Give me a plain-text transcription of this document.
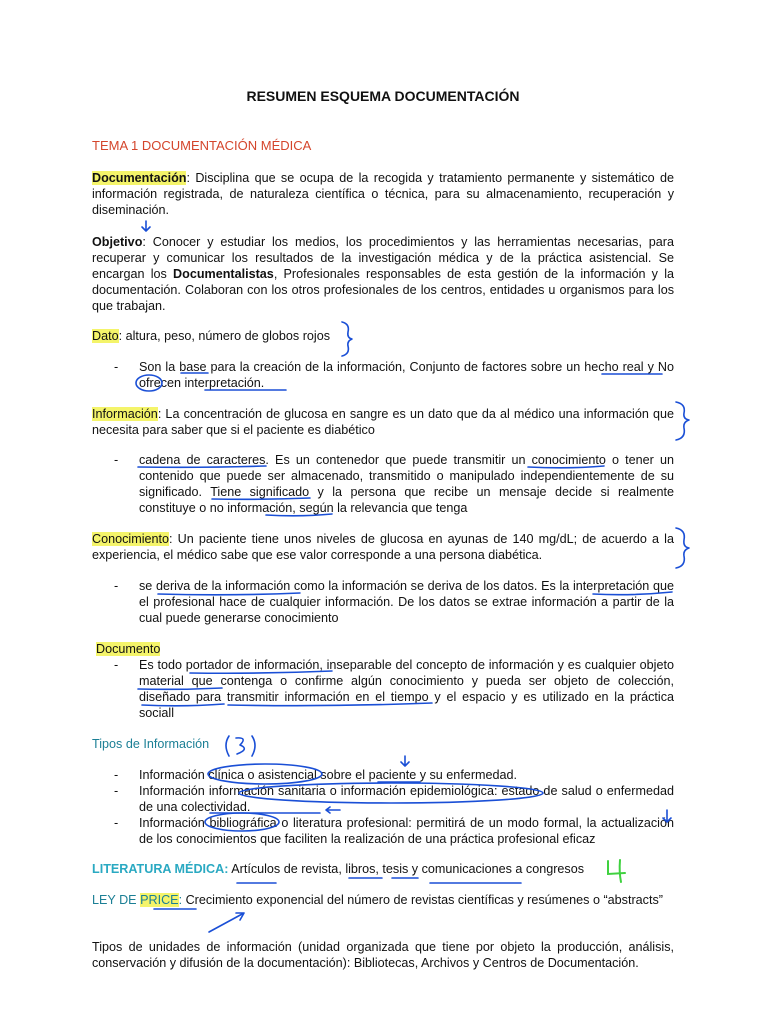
RESUMEN ESQUEMA DOCUMENTACIÓN
TEMA 1 DOCUMENTACIÓN MÉDICA
Documentación: Disciplina que se ocupa de la recogida y tratamiento permanente y sistemático de información registrada, de naturaleza científica o técnica, para su almacenamiento, recuperación y diseminación.
Objetivo: Conocer y estudiar los medios, los procedimientos y las herramientas necesarias, para recuperar y comunicar los resultados de la investigación médica y de la práctica asistencial. Se encargan los Documentalistas, Profesionales responsables de esta gestión de la información y la documentación. Colaboran con los otros profesionales de los centros, entidades u organismos para los que trabajan.
Dato: altura, peso, número de globos rojos
- Son la base para la creación de la información, Conjunto de factores sobre un hecho real y No ofrecen interpretación.
Información: La concentración de glucosa en sangre es un dato que da al médico una información que necesita para saber que si el paciente es diabético
- cadena de caracteres. Es un contenedor que puede transmitir un conocimiento o tener un contenido que puede ser almacenado, transmitido o manipulado independientemente de su significado. Tiene significado y la persona que recibe un mensaje decide si realmente constituye o no información, según la relevancia que tenga
Conocimiento: Un paciente tiene unos niveles de glucosa en ayunas de 140 mg/dL; de acuerdo a la experiencia, el médico sabe que ese valor corresponde a una persona diabética.
- se deriva de la información como la información se deriva de los datos. Es la interpretación que el profesional hace de cualquier información. De los datos se extrae información a partir de la cual puede generarse conocimiento
Documento
- Es todo portador de información, inseparable del concepto de información y es cualquier objeto material que contenga o confirme algún conocimiento y pueda ser objeto de colección, diseñado para transmitir información en el tiempo y el espacio y es utilizado en la práctica sociall
Tipos de Información
- Información clínica o asistencial sobre el paciente y su enfermedad.
- Información información sanitaria o información epidemiológica: estado de salud o enfermedad de una colectividad.
- Información bibliográfica o literatura profesional: permitirá de un modo formal, la actualización de los conocimientos que faciliten la realización de una práctica profesional eficaz
LITERATURA MÉDICA: Artículos de revista, libros, tesis y comunicaciones a congresos
LEY DE PRICE: Crecimiento exponencial del número de revistas científicas y resúmenes o “abstracts”
Tipos de unidades de información (unidad organizada que tiene por objeto la producción, análisis, conservación y difusión de la documentación): Bibliotecas, Archivos y Centros de Documentación.
